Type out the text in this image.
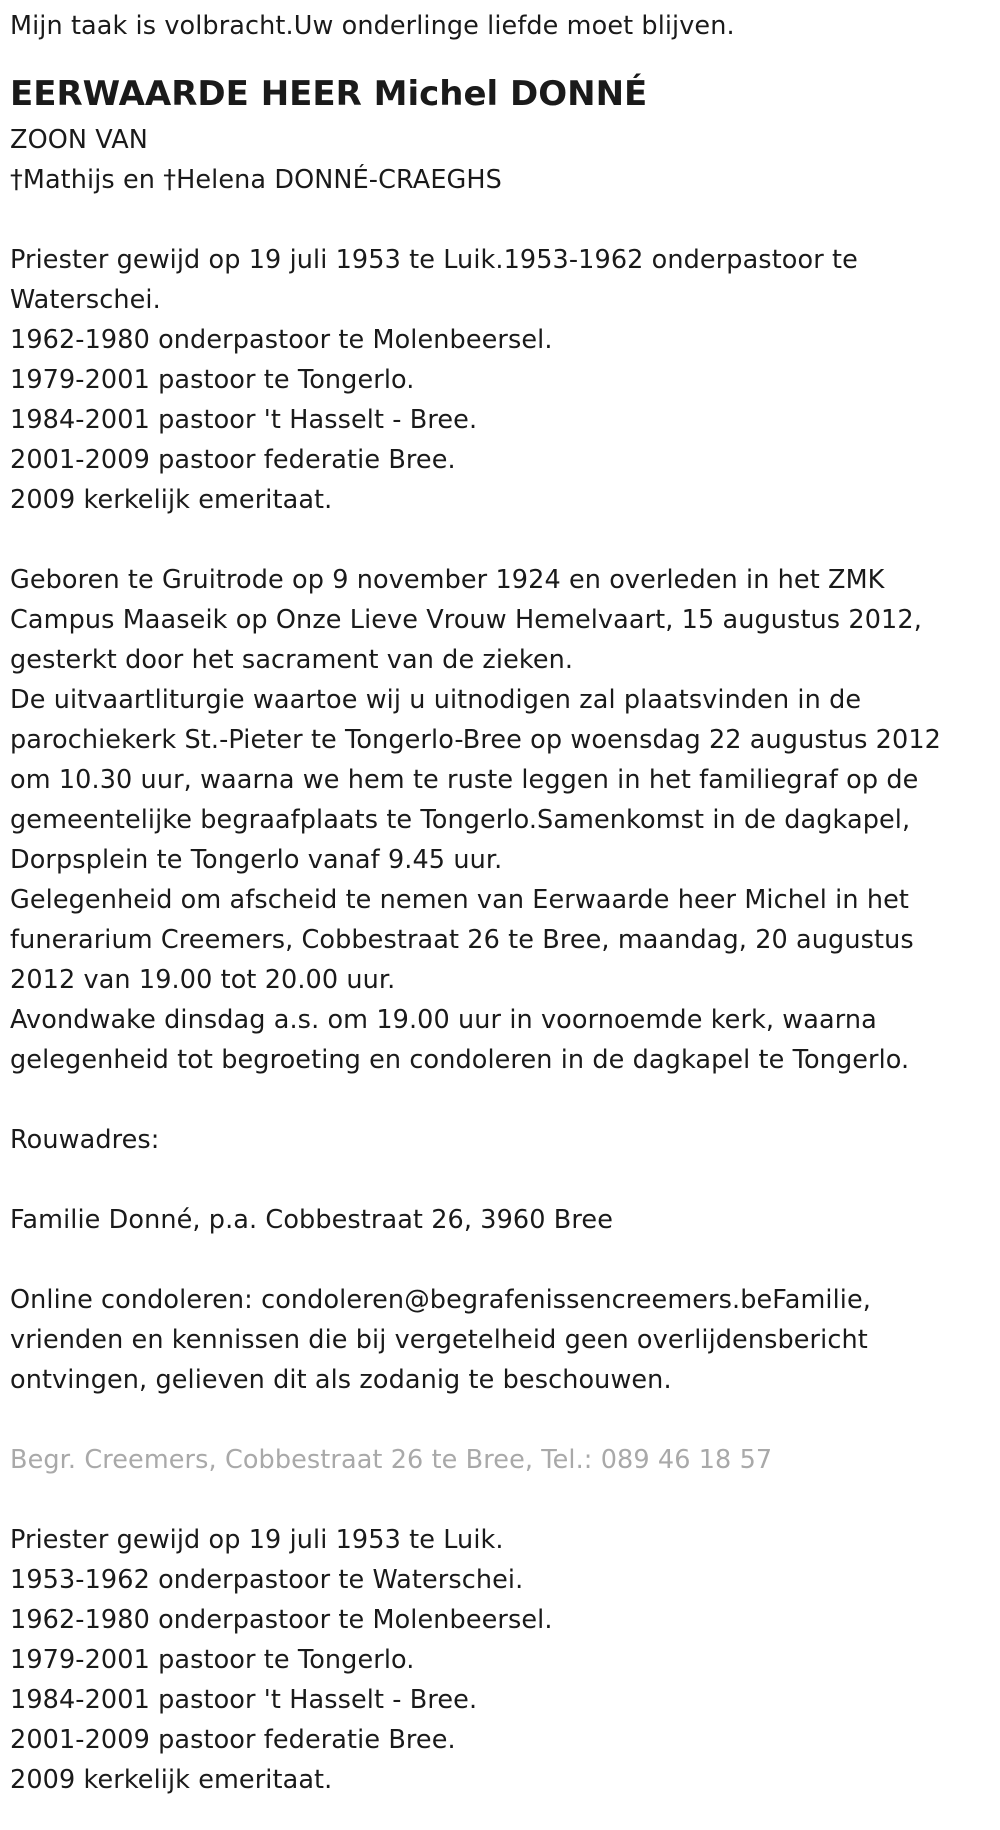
Mijn taak is volbracht.Uw onderlinge liefde moet blijven.
EERWAARDE HEER Michel DONNÉ
ZOON VAN
†Mathijs en †Helena DONNÉ-CRAEGHS
Priester gewijd op 19 juli 1953 te Luik.1953-1962 onderpastoor te
Waterschei.
1962-1980 onderpastoor te Molenbeersel.
1979-2001 pastoor te Tongerlo.
1984-2001 pastoor 't Hasselt - Bree.
2001-2009 pastoor federatie Bree.
2009 kerkelijk emeritaat.
Geboren te Gruitrode op 9 november 1924 en overleden in het ZMK
Campus Maaseik op Onze Lieve Vrouw Hemelvaart, 15 augustus 2012,
gesterkt door het sacrament van de zieken.
De uitvaartliturgie waartoe wij u uitnodigen zal plaatsvinden in de
parochiekerk St.-Pieter te Tongerlo-Bree op woensdag 22 augustus 2012
om 10.30 uur, waarna we hem te ruste leggen in het familiegraf op de
gemeentelijke begraafplaats te Tongerlo.Samenkomst in de dagkapel,
Dorpsplein te Tongerlo vanaf 9.45 uur.
Gelegenheid om afscheid te nemen van Eerwaarde heer Michel in het
funerarium Creemers, Cobbestraat 26 te Bree, maandag, 20 augustus
2012 van 19.00 tot 20.00 uur.
Avondwake dinsdag a.s. om 19.00 uur in voornoemde kerk, waarna
gelegenheid tot begroeting en condoleren in de dagkapel te Tongerlo.
Rouwadres:
Familie Donné, p.a. Cobbestraat 26, 3960 Bree
Online condoleren: condoleren@begrafenissencreemers.beFamilie,
vrienden en kennissen die bij vergetelheid geen overlijdensbericht
ontvingen, gelieven dit als zodanig te beschouwen.
Begr. Creemers, Cobbestraat 26 te Bree, Tel.: 089 46 18 57
Priester gewijd op 19 juli 1953 te Luik.
1953-1962 onderpastoor te Waterschei.
1962-1980 onderpastoor te Molenbeersel.
1979-2001 pastoor te Tongerlo.
1984-2001 pastoor 't Hasselt - Bree.
2001-2009 pastoor federatie Bree.
2009 kerkelijk emeritaat.
